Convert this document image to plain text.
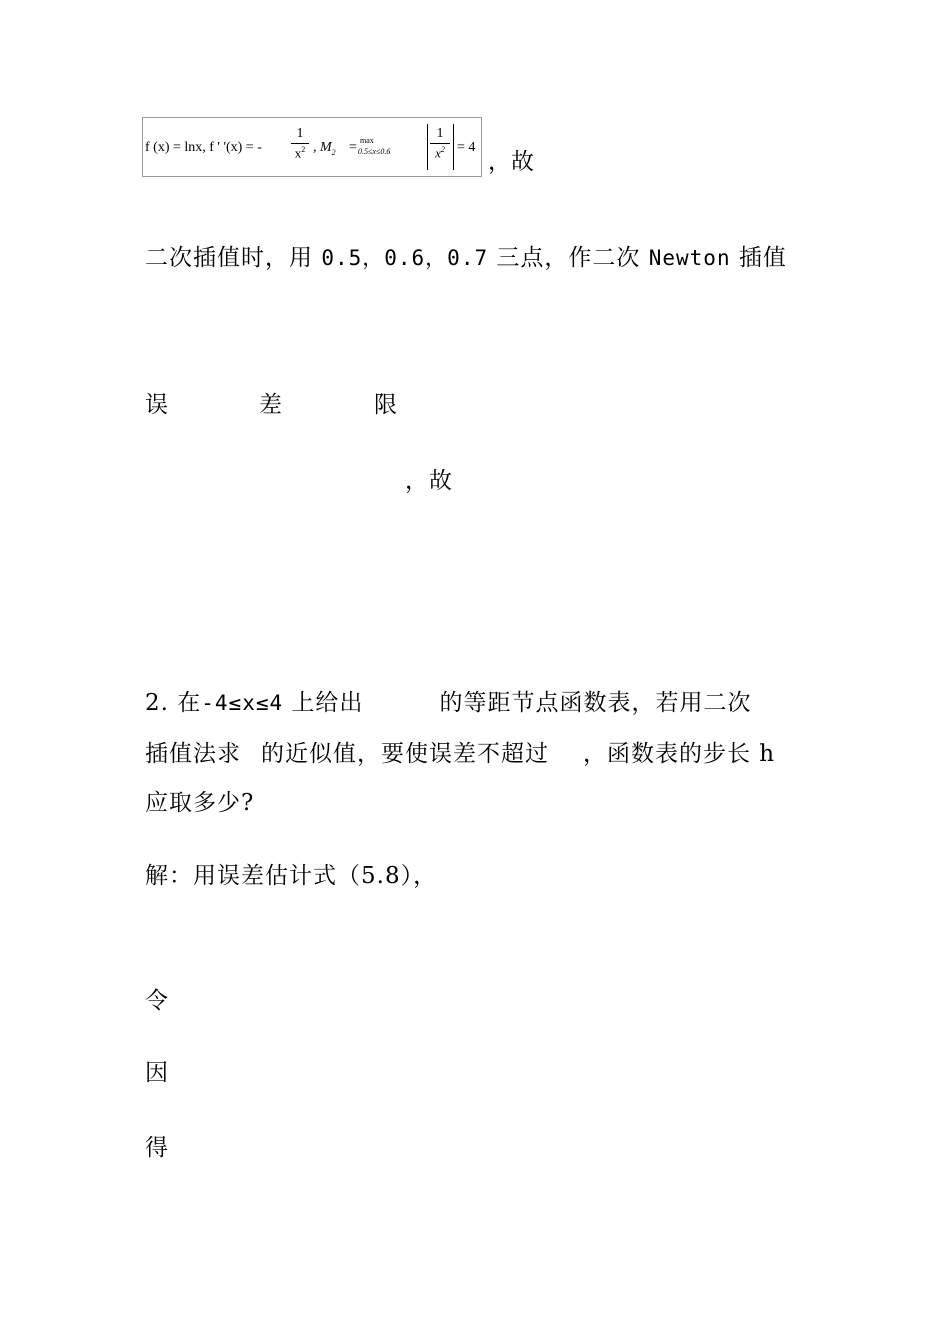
f (x) = lnx, f ' '(x) = -
1
$x^2$ , $M_2 = \max$
0.5≤x≤0.6
1
$x^2 = 4$
，故
二次插值时，用 0.5，0.6，0.7 三点，作二次 Newton 插值
误	差	限
，故
2. 在-4≤x≤4 上给出	的等距节点函数表，若用二次
插值法求 的近似值，要使误差不超过 ，函数表的步长 h
应取多少?
解：用误差估计式（5.8），
令
因
得
